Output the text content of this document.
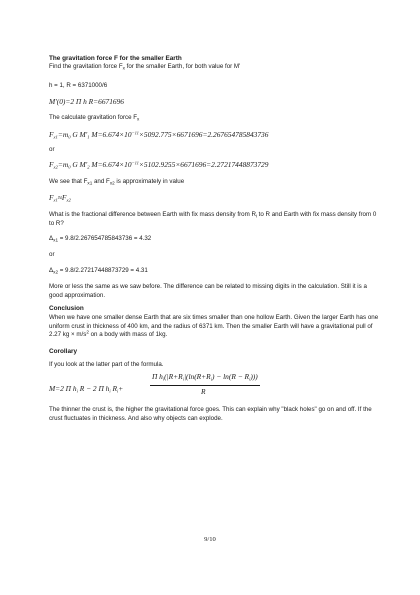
The gravitation force F for the smaller Earth
Find the gravitation force $F_x$ for the smaller Earth, for both value for M'
h = 1, R = 6371000/6
M'(0)=2 Π h R=6671696
The calculate gravitation force $F_x$
$F_{x1}=m_0$ G $M'_1$ $M=6.674\times 10^{-11}\times 5092.775\times 6671696=2.267654785843736$
or
$F_{x2}=m_0$ G $M'_2$ $M=6.674\times 10^{-11}\times 5102.9255\times 6671696=2.27217448873729$
We see that $F_{x1}$ and $F_{x2}$ is approximately in value
$F_{x1}\approx F_{x2}$
What is the fractional difference between Earth with fix mass density from $R_i$ to R and Earth with fix mass density from 0 to R?
$\Delta_{x1} = 9.8/2.267654785843736 = 4.32$
or
$\Delta_{x2} = 9.8/2.27217448873729 = 4.31$
More or less the same as we saw before. The difference can be related to missing digits in the calculation. Still it is a good approximation.
Conclusion
When we have one smaller dense Earth that are six times smaller than one hollow Earth. Given the larger Earth has one uniform crust in thickness of 400 km, and the radius of 6371 km. Then the smaller Earth will have a gravitational pull of 2.27 kg × $m/s^2$ on a body with mass of 1kg.
Corollary
If you look at the latter part of the formula.
M=2 Π $h_i$ R − 2 Π $h_i$ $R_i+$
Π $h_i(|R+R_i|(\ln(R+R_i) - \ln(R - R_i)))$
R
The thinner the crust is, the higher the gravitational force goes. This can explain why "black holes" go on and off. If the crust fluctuates in thickness. And also why objects can explode.
9/10
